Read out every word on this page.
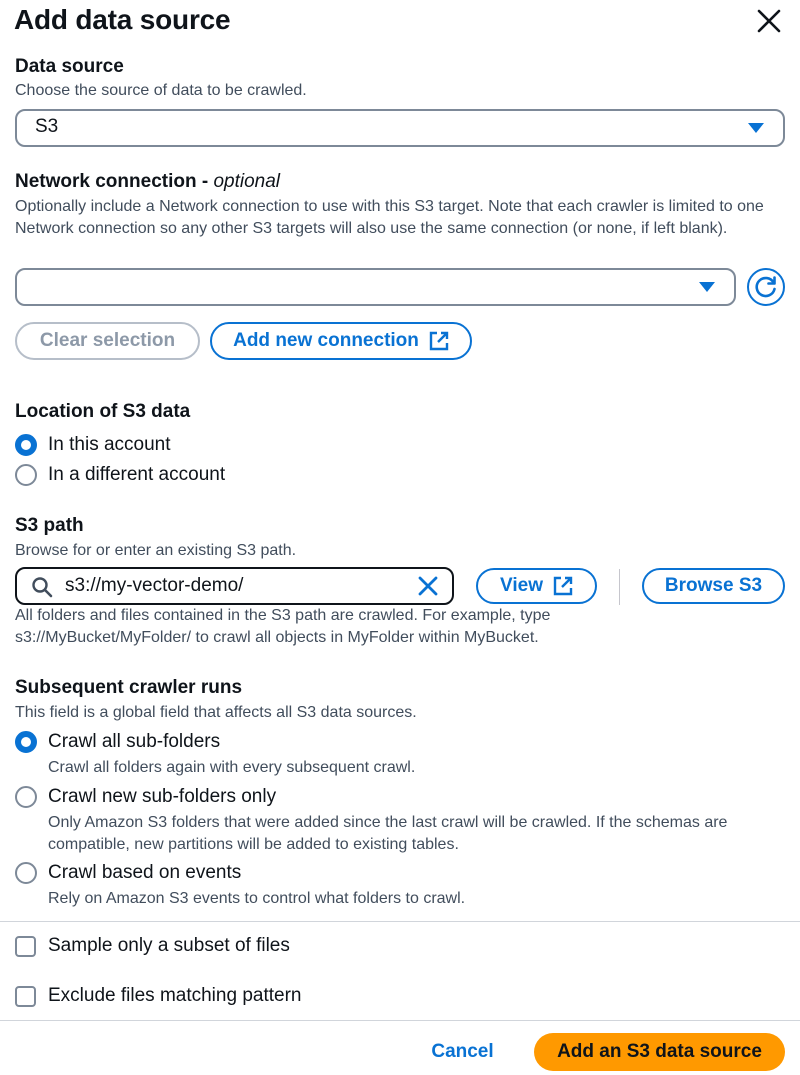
Add data source
Data source
Choose the source of data to be crawled.
S3
Network connection - optional
Optionally include a Network connection to use with this S3 target. Note that each crawler is limited to one Network connection so any other S3 targets will also use the same connection (or none, if left blank).
Clear selection	Add new connection
Location of S3 data
In this account
In a different account
S3 path
Browse for or enter an existing S3 path.
s3://my-vector-demo/
View	Browse S3
All folders and files contained in the S3 path are crawled. For example, type
s3://MyBucket/MyFolder/ to crawl all objects in MyFolder within MyBucket.
Subsequent crawler runs
This field is a global field that affects all S3 data sources.
Crawl all sub-folders
Crawl all folders again with every subsequent crawl.
Crawl new sub-folders only
Only Amazon S3 folders that were added since the last crawl will be crawled. If the schemas are compatible, new partitions will be added to existing tables.
Crawl based on events
Rely on Amazon S3 events to control what folders to crawl.
Sample only a subset of files
Exclude files matching pattern
Cancel	Add an S3 data source
